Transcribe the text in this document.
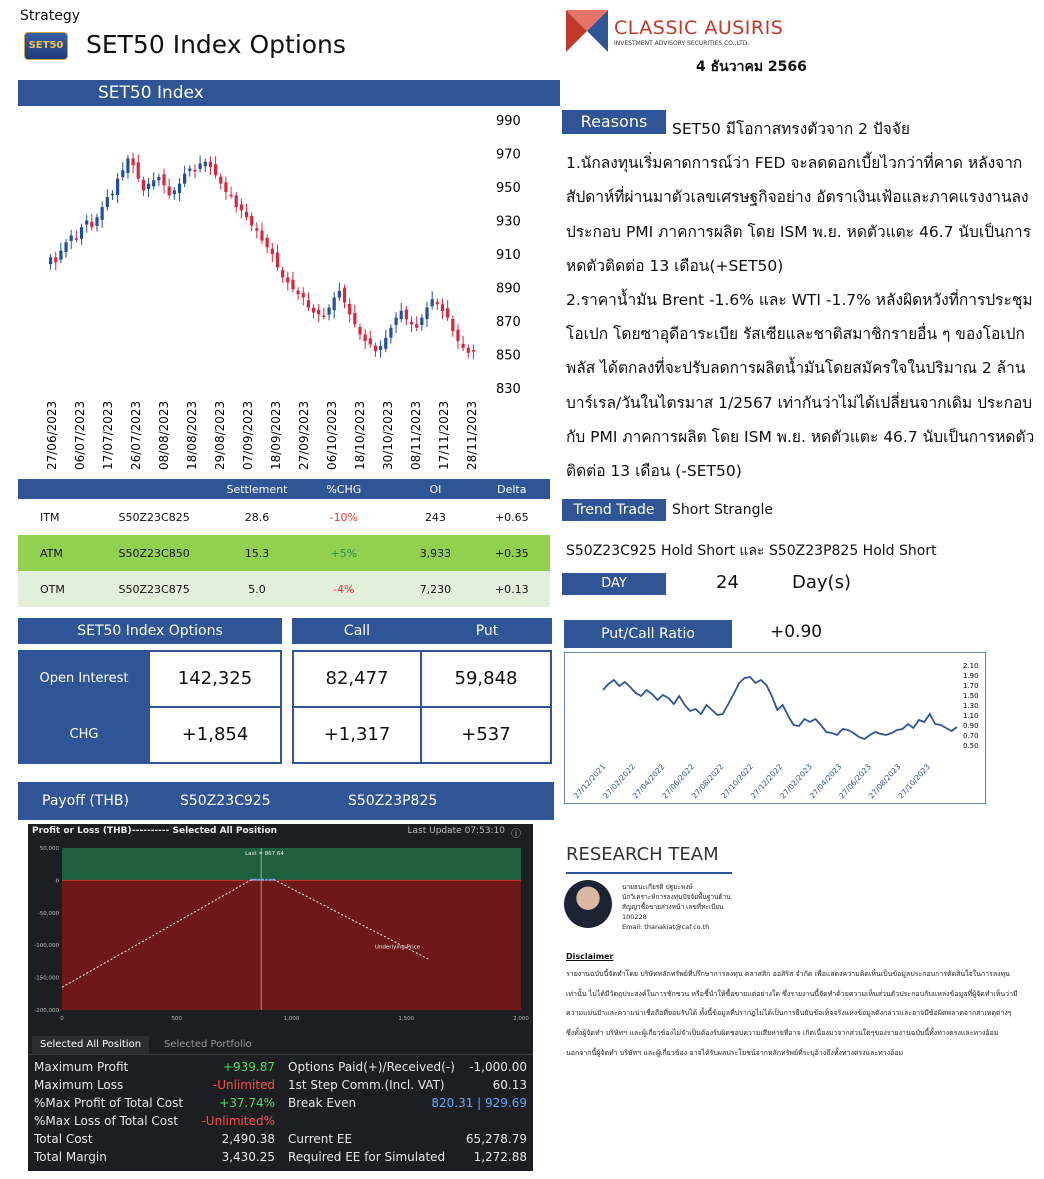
Strategy
SET50 SET50 Index Options
CLASSIC AUSIRIS
INVESTMENT ADVISORY SECURITIES CO.,LTD.
4 ธันวาคม 2566
SET50 Index
990
970
950
930
910
890
870
850
830
27/06/2023 06/07/2023 17/07/2023 26/07/2023 08/08/2023 18/08/2023 29/08/2023 07/09/2023 18/09/2023 27/09/2023 06/10/2023 18/10/2023 30/10/2023 08/11/2023 17/11/2023 28/11/2023
Reasons	SET50 มีโอกาสทรงตัวจาก 2 ปัจจัย

1.นักลงทุนเริ่มคาดการณ์ว่า FED จะลดดอกเบี้ยไวกว่าที่คาด หลังจากสัปดาห์ที่ผ่านมาตัวเลขเศรษฐกิจอย่าง อัตราเงินเฟ้อและภาคแรงงานลง ประกอบ PMI ภาคการผลิต โดย ISM พ.ย. หดตัวแตะ 46.7 นับเป็นการหดตัวติดต่อ 13 เดือน(+SET50)

2.ราคาน้ำมัน Brent -1.6% และ WTI -1.7% หลังผิดหวังที่การประชุมโอเปก โดยซาอุดีอาระเบีย รัสเซียและชาติสมาชิกรายอื่น ๆ ของโอเปกพลัส ได้ตกลงที่จะปรับลดการผลิตน้ำมันโดยสมัครใจในปริมาณ 2 ล้านบาร์เรล/วันในไตรมาส 1/2567 เท่ากันว่าไม่ได้เปลี่ยนจากเดิม ประกอบกับ PMI ภาคการผลิต โดย ISM พ.ย. หดตัวแตะ 46.7 นับเป็นการหดตัวติดต่อ 13 เดือน (-SET50)

Settlement	%CHG	OI	Delta
ITM	S50Z23C825	28.6	-10%	243	+0.65
ATM	S50Z23C850	15.3	+5%	3,933	+0.35
OTM	S50Z23C875	5.0	-4%	7,230	+0.13
Trend Trade	Short Strangle
S50Z23C925 Hold Short และ S50Z23P825 Hold Short
DAY	24	Day(s)
SET50 Index Options	Call	Put
Open Interest	142,325	82,477	59,848
CHG	+1,854	+1,317	+537
Put/Call Ratio	+0.90
2.10
1.90
1.70
1.50
1.30
1.10
0.90
0.70
0.50
27/12/2021
27/02/2022
27/04/2022
27/06/2022
27/08/2022
27/10/2022
27/12/2022
27/02/2023
27/04/2023
27/06/2023
27/08/2023
27/10/2023
Payoff (THB)	S50Z23C925	S50Z23P825
Profit or Loss (THB) ---------- Selected All Position	Last Update 07:53:10 ⓘ
50,000
0
-50,000
-100,000
-150,000
-200,000
0	500	1,000	1,500	2,000
Last = 867.64
Underlying Price
Selected All Position	Selected Portfolio
Maximum Profit	+939.87 Options Paid(+)/Received(-) -1,000.00
Maximum Loss	-Unlimited 1st Step Comm.(Incl. VAT)	60.13
%Max Profit of Total Cost	+37.74% Break Even	820.31 | 929.69
%Max Loss of Total Cost -Unlimited%
Total Cost	2,490.38 Current EE	65,278.79
Total Margin	3,430.25 Required EE for Simulated 1,272.88
RESEARCH TEAM
นายธนะเกียรติ ปฐมะพงษ์
นักวิเคราะห์การลงทุนปัจจัยพื้นฐานด้าน
สัญญาซื้อขายล่วงหน้า เลขที่ทะเบียน
100228
Email: thanakiat@caf.co.th
Disclaimer
รายงานฉบับนี้จัดทำโดย บริษัทหลักทรัพย์ที่ปรึกษาการลงทุน คลาสสิก ออสิริส จำกัด เพื่อแสดงความคิดเห็นเป็นข้อมูลประกอบการตัดสินใจในการลงทุนเท่านั้น ไม่ได้มีวัตถุประสงค์ในการชักชวน หรือชี้นำให้ซื้อขายแต่อย่างใด ซึ่งรายงานนี้จัดทำด้วยความเห็นส่วนตัวประกอบกับแหล่งข้อมูลที่ผู้จัดทำเห็นว่ามีความแม่นยำและความน่าเชื่อถือที่ยอมรับได้ ทั้งนี้ข้อมูลที่ปรากฏไม่ได้เป็นการยืนยันข้อเท็จจริงแห่งข้อมูลดังกล่าวและอาจมีข้อผิดพลาดจากสาเหตุต่างๆ ซึ่งทั้งผู้จัดทำ บริษัทฯ และผู้เกี่ยวข้องไม่จำเป็นต้องรับผิดชอบความเสียหายที่อาจ เกิดเนื่องมาจากส่วนใดๆของรายงานฉบับนี้ทั้งทางตรงและทางอ้อม นอกจากนี้ผู้จัดทำ บริษัทฯ และผู้เกี่ยวข้อง อาจได้รับผลประโยชน์จากหลักทรัพย์ที่ระบุอ้างถึงทั้งทางตรงและทางอ้อม
